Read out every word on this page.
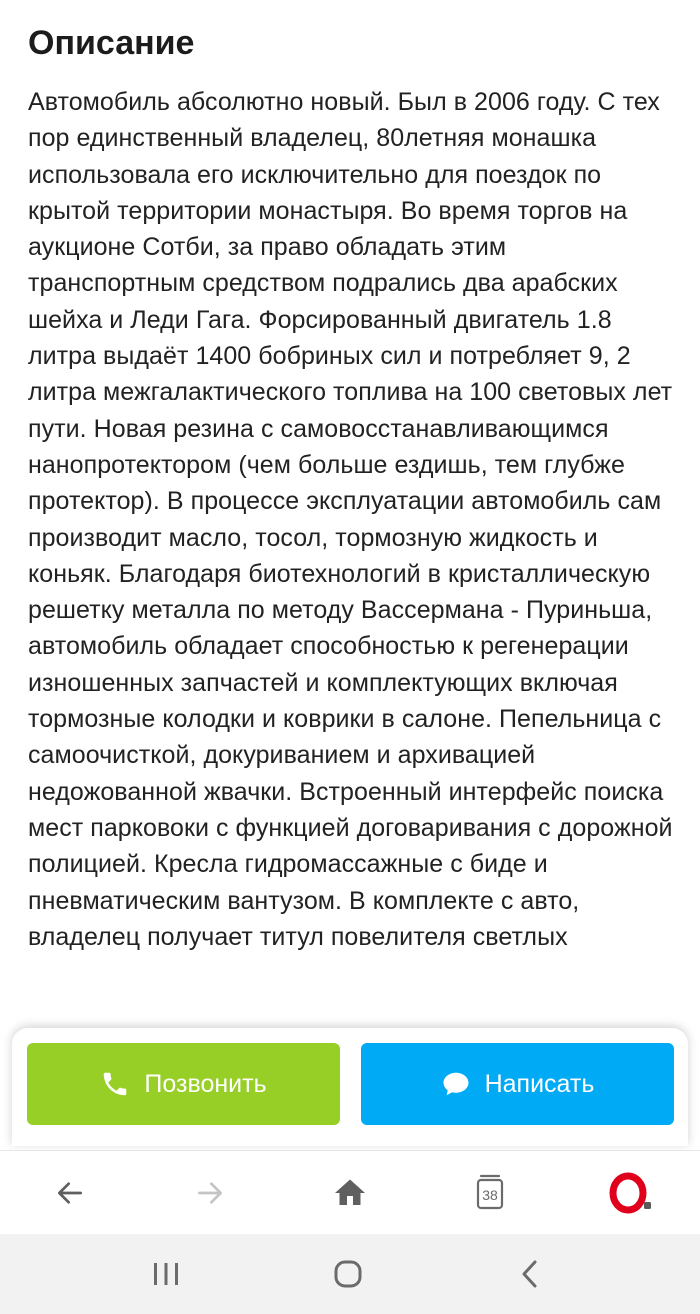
Описание

Автомобиль абсолютно новый. Был в 2006 году. С тех пор единственный владелец, 80летняя монашка использовала его исключительно для поездок по крытой территории монастыря. Во время торгов на аукционе Сотби, за право обладать этим транспортным средством подрались два арабских шейха и Леди Гага. Форсированный двигатель 1.8 литра выдаёт 1400 бобриных сил и потребляет 9, 2 литра межгалактического топлива на 100 световых лет пути. Новая резина с самовосстанавливающимся нанопротектором (чем больше ездишь, тем глубже протектор). В процессе эксплуатации автомобиль сам производит масло, тосол, тормозную жидкость и коньяк. Благодаря биотехнологий в кристаллическую решетку металла по методу Вассермана - Пуриньша, автомобиль обладает способностью к регенерации изношенных запчастей и комплектующих включая тормозные колодки и коврики в салоне. Пепельница с самоочисткой, докуриванием и архивацией недожованной жвачки. Встроенный интерфейс поиска мест парковоки с функцией договаривания с дорожной полицией. Кресла гидромассажные с биде и пневматическим вантузом. В комплекте с авто, владелец получает титул повелителя светлых

Позвонить	Написать
38
